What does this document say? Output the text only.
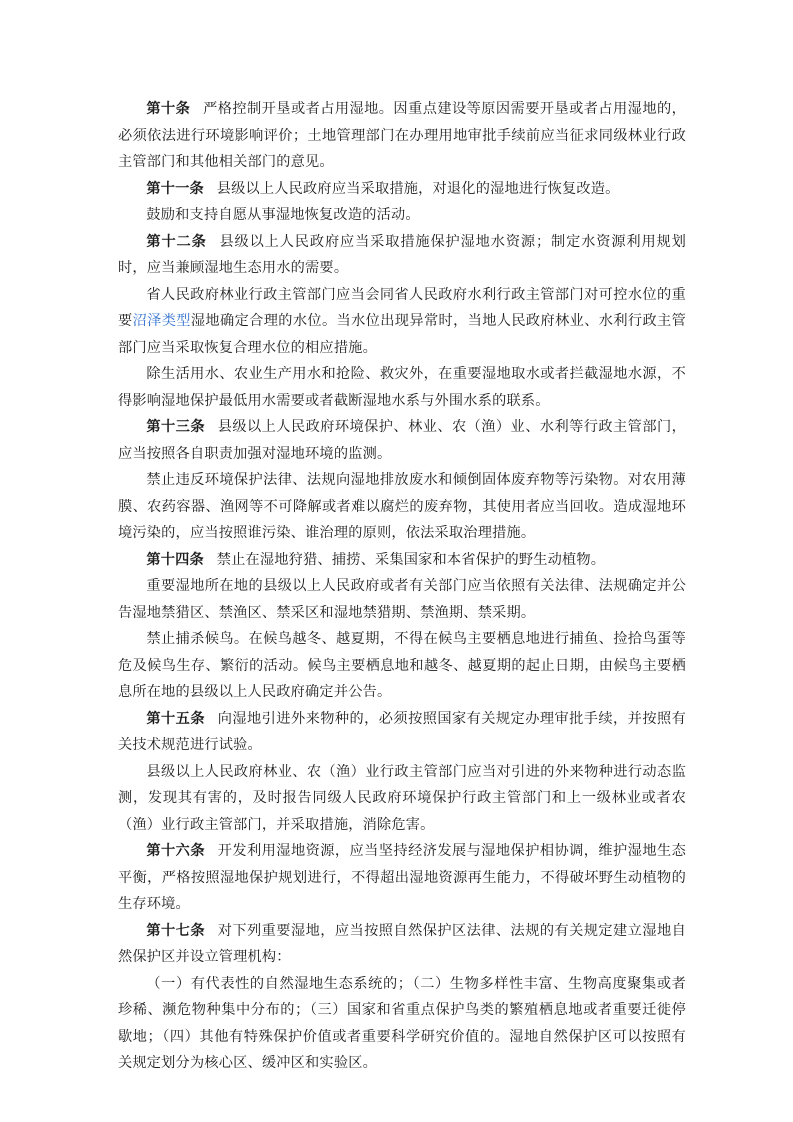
第十条 严格控制开垦或者占用湿地。因重点建设等原因需要开垦或者占用湿地的，必须依法进行环境影响评价；土地管理部门在办理用地审批手续前应当征求同级林业行政主管部门和其他相关部门的意见。

第十一条 县级以上人民政府应当采取措施，对退化的湿地进行恢复改造。

鼓励和支持自愿从事湿地恢复改造的活动。

第十二条 县级以上人民政府应当采取措施保护湿地水资源；制定水资源利用规划时，应当兼顾湿地生态用水的需要。

省人民政府林业行政主管部门应当会同省人民政府水利行政主管部门对可控水位的重要沼泽类型湿地确定合理的水位。当水位出现异常时，当地人民政府林业、水利行政主管部门应当采取恢复合理水位的相应措施。

除生活用水、农业生产用水和抢险、救灾外，在重要湿地取水或者拦截湿地水源，不得影响湿地保护最低用水需要或者截断湿地水系与外围水系的联系。

第十三条 县级以上人民政府环境保护、林业、农（渔）业、水利等行政主管部门，应当按照各自职责加强对湿地环境的监测。

禁止违反环境保护法律、法规向湿地排放废水和倾倒固体废弃物等污染物。对农用薄膜、农药容器、渔网等不可降解或者难以腐烂的废弃物，其使用者应当回收。造成湿地环境污染的，应当按照谁污染、谁治理的原则，依法采取治理措施。

第十四条 禁止在湿地狩猎、捕捞、采集国家和本省保护的野生动植物。

重要湿地所在地的县级以上人民政府或者有关部门应当依照有关法律、法规确定并公告湿地禁猎区、禁渔区、禁采区和湿地禁猎期、禁渔期、禁采期。

禁止捕杀候鸟。在候鸟越冬、越夏期，不得在候鸟主要栖息地进行捕鱼、捡拾鸟蛋等危及候鸟生存、繁衍的活动。候鸟主要栖息地和越冬、越夏期的起止日期，由候鸟主要栖息所在地的县级以上人民政府确定并公告。

第十五条 向湿地引进外来物种的，必须按照国家有关规定办理审批手续，并按照有关技术规范进行试验。

县级以上人民政府林业、农（渔）业行政主管部门应当对引进的外来物种进行动态监测，发现其有害的，及时报告同级人民政府环境保护行政主管部门和上一级林业或者农（渔）业行政主管部门，并采取措施，消除危害。

第十六条 开发利用湿地资源，应当坚持经济发展与湿地保护相协调，维护湿地生态平衡，严格按照湿地保护规划进行，不得超出湿地资源再生能力，不得破坏野生动植物的生存环境。

第十七条 对下列重要湿地，应当按照自然保护区法律、法规的有关规定建立湿地自然保护区并设立管理机构：

（一）有代表性的自然湿地生态系统的；（二）生物多样性丰富、生物高度聚集或者珍稀、濒危物种集中分布的；（三）国家和省重点保护鸟类的繁殖栖息地或者重要迁徙停歇地；（四）其他有特殊保护价值或者重要科学研究价值的。湿地自然保护区可以按照有关规定划分为核心区、缓冲区和实验区。
